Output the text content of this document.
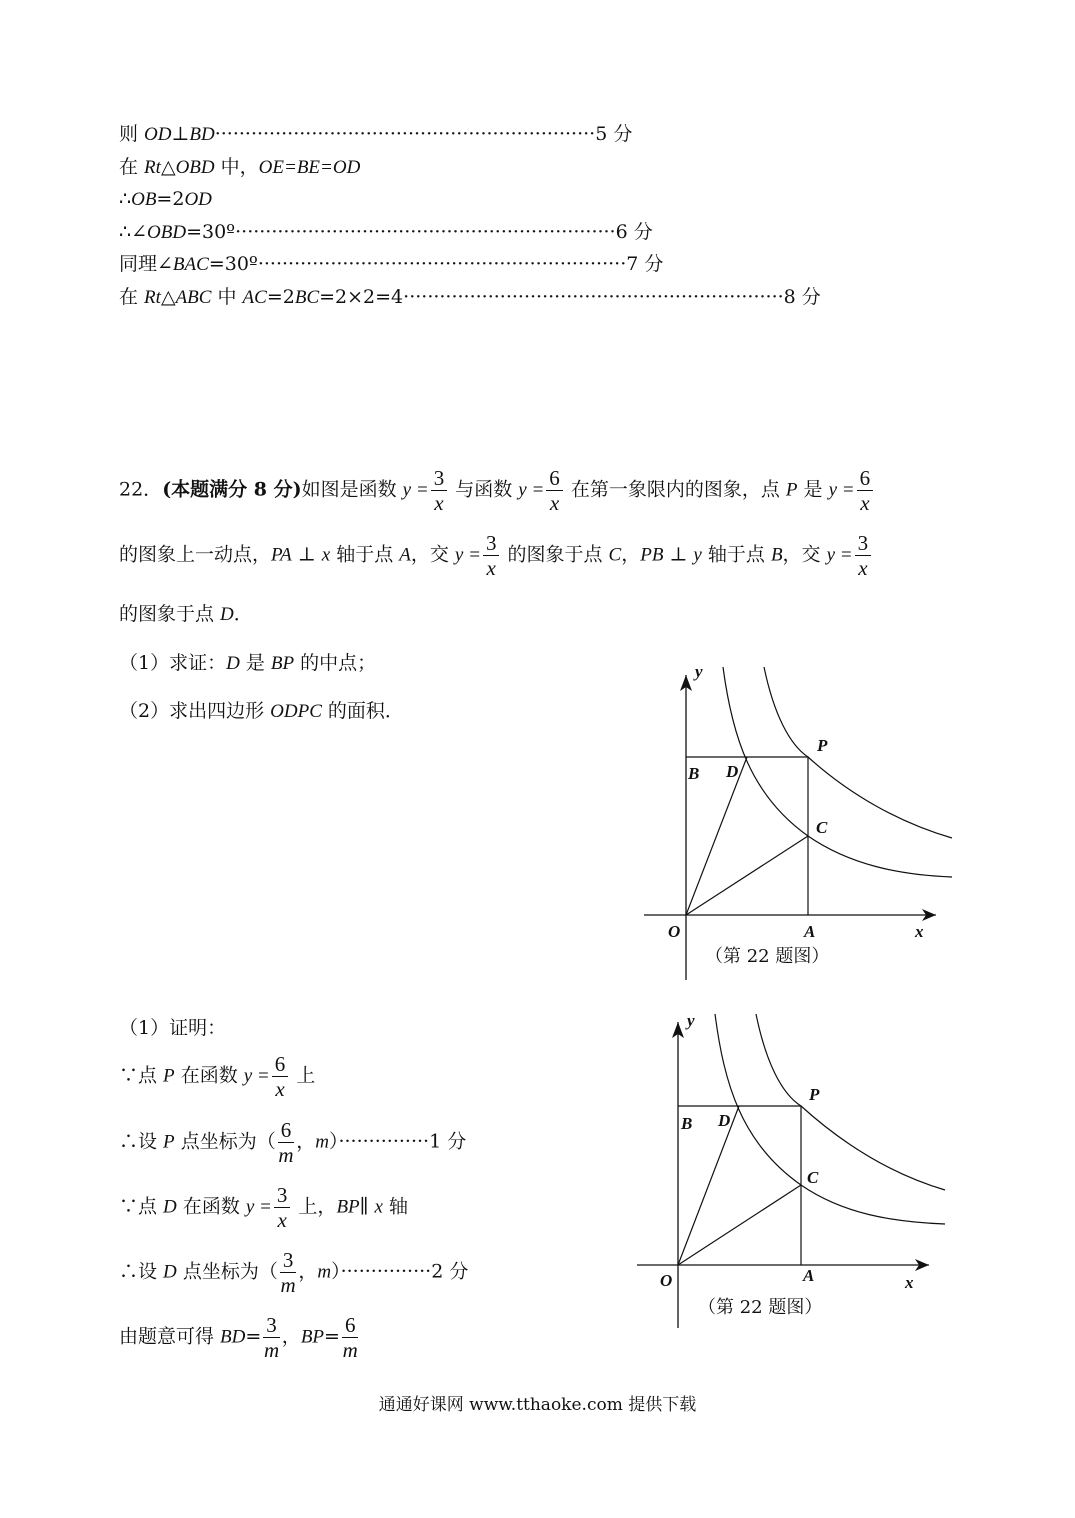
则 OD⊥BD·······························································5 分
在 Rt△OBD 中，OE=BE=OD
∴OB=2OD
∴∠OBD=30º·······························································6 分
同理∠BAC=30º·····························································7 分
在 Rt△ABC 中 AC=2BC=2×2=4·······························································8 分
22．(本题满分 8 分)如图是函数 $y = \frac{3}{x}$ 与函数 $y = \frac{6}{x}$ 在第一象限内的图象，点 P 是 $y = \frac{6}{x}$
的图象上一动点，PA ⊥ x 轴于点 A，交 $y = \frac{3}{x}$ 的图象于点 C，PB ⊥ y 轴于点 B，交 $y = \frac{3}{x}$
的图象于点 D．
（1）求证：D 是 BP 的中点；
（2）求出四边形 ODPC 的面积．
y
x
O	A
B D
P
C
（第 22 题图）
（1）证明：
∵点 P 在函数 $y = \frac{6}{x}$ 上
∴设 P 点坐标为（ $\frac{6}{m}$ ，m）···············1 分
∵点 D 在函数 $y = \frac{3}{x}$ 上，BP∥ x 轴
∴设 D 点坐标为（ $\frac{3}{m}$ ，m）···············2 分
由题意可得 $BD= \frac{3}{m}$ ，$BP= \frac{6}{m}$
y
x
O	A
B D
P
C
（第 22 题图）
通通好课网 www.tthaoke.com 提供下载
